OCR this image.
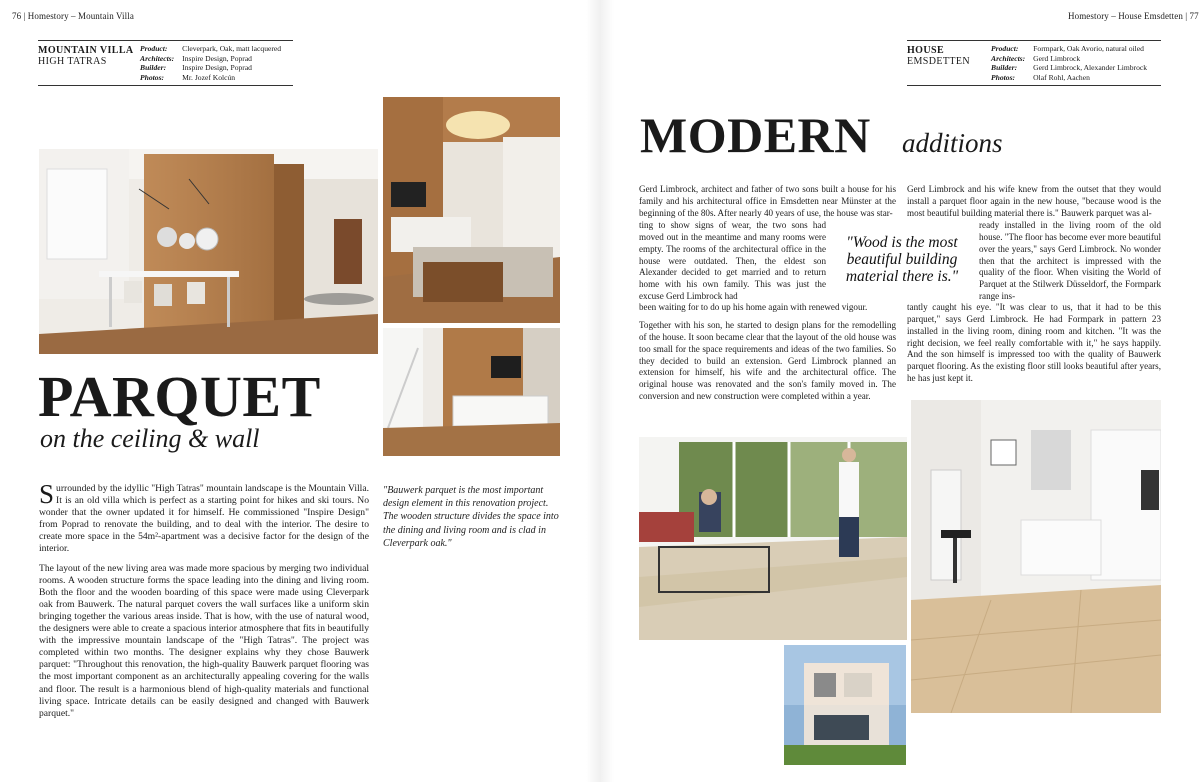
76 | Homestory – Mountain Villa
MOUNTAIN VILLA
HIGH TATRAS
Product:	Cleverpark, Oak, matt lacquered
Architects:	Inspire Design, Poprad
Builder:	Inspire Design, Poprad
Photos:	Mr. Jozef Kolcún
PARQUET
on the ceiling & wall

Surrounded by the idyllic "High Tatras" mountain landscape is the Mountain Villa. It is an old villa which is perfect as a starting point for hikes and ski tours. No wonder that the owner updated it for himself. He commissioned "Inspire Design" from Poprad to renovate the building, and to deal with the interior. The desire to create more space in the 54m²-apartment was a decisive factor for the design of the interior.

The layout of the new living area was made more spacious by merging two individual rooms. A wooden structure forms the space leading into the dining and living room. Both the floor and the wooden boarding of this space were made using Cleverpark oak from Bauwerk. The natural parquet covers the wall surfaces like a uniform skin bringing together the various areas inside. That is how, with the use of natural wood, the designers were able to create a spacious interior atmosphere that fits in beautifully with the impressive mountain landscape of the "High Tatras". The project was completed within two months. The designer explains why they chose Bauwerk parquet: "Throughout this renovation, the high-quality Bauwerk parquet flooring was the most important component as an architecturally appealing covering for the walls and floor. The result is a harmonious blend of high-quality materials and functional living space. Intricate details can be easily designed and changed with Bauwerk parquet."

"Bauwerk parquet is the most important design element in this renovation project. The wooden structure divides the space into the dining and living room and is clad in Cleverpark oak."
Homestory – House Emsdetten | 77
HOUSE
EMSDETTEN
Product:	Formpark, Oak Avorio, natural oiled
Architects:	Gerd Limbrock
Builder:	Gerd Limbrock, Alexander Limbrock
Photos:	Olaf Rohl, Aachen
MODERN additions
Gerd Limbrock, architect and father of two sons built a house for his family and his architectural office in Emsdetten near Münster at the beginning of the 80s. After nearly 40 years of use, the house was star-
ting to show signs of wear, the two sons had moved out in the meantime and many rooms were empty. The rooms of the architectural office in the house were outdated. Then, the eldest son Alexander decided to get married and to return home with his own family. This was just the excuse Gerd Limbrock had
been waiting for to do up his home again with renewed vigour.
Together with his son, he started to design plans for the remodelling of the house. It soon became clear that the layout of the old house was too small for the space requirements and ideas of the two families. So they decided to build an extension. Gerd Limbrock planned an extension for himself, his wife and the architectural office. The original house was renovated and the son's family moved in. The conversion and new construction were completed within a year.
"Wood is the most beautiful building material there is."
Gerd Limbrock and his wife knew from the outset that they would install a parquet floor again in the new house, "because wood is the most beautiful building material there is." Bauwerk parquet was al-
ready installed in the living room of the old house. "The floor has become ever more beautiful over the years," says Gerd Limbrock. No wonder then that the architect is impressed with the quality of the floor. When visiting the World of Parquet at the Stilwerk Düsseldorf, the Formpark range ins-
tantly caught his eye. "It was clear to us, that it had to be this parquet," says Gerd Limbrock. He had Formpark in pattern 23 installed in the living room, dining room and kitchen. "It was the right decision, we feel really comfortable with it," he says happily. And the son himself is impressed too with the quality of Bauwerk parquet flooring. As the existing floor still looks beautiful after years, he has just kept it.
